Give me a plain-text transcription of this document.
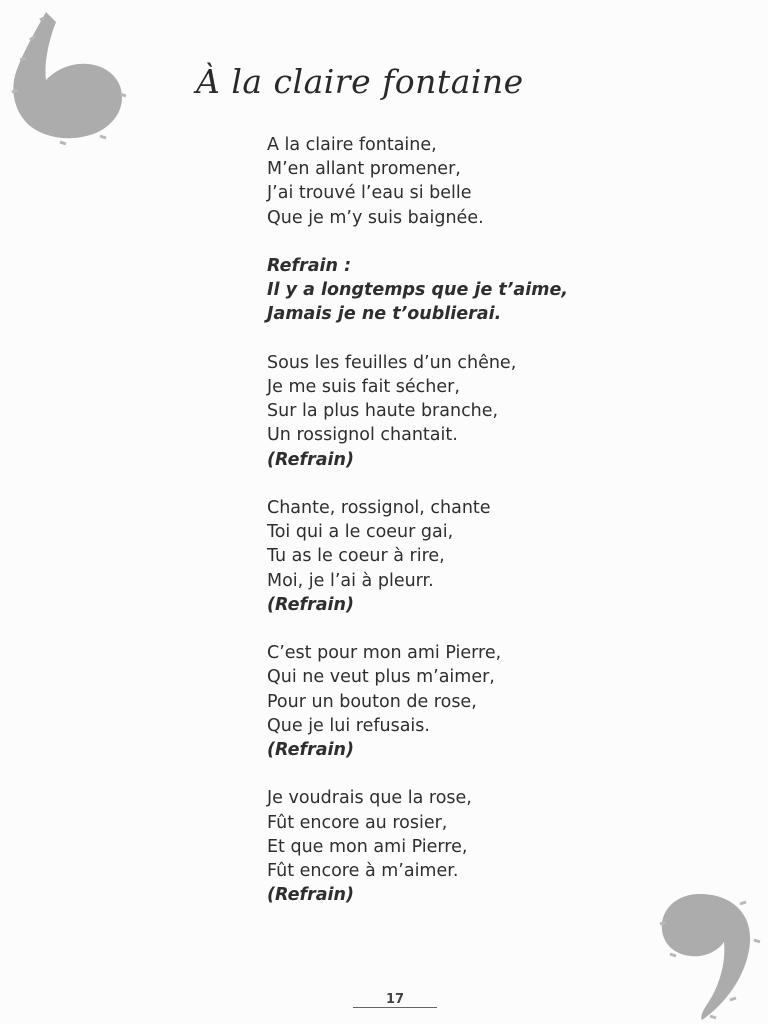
À la claire fontaine
A la claire fontaine,
M’en allant promener,
J’ai trouvé l’eau si belle
Que je m’y suis baignée.
Refrain :
Il y a longtemps que je t’aime,
Jamais je ne t’oublierai.
Sous les feuilles d’un chêne,
Je me suis fait sécher,
Sur la plus haute branche,
Un rossignol chantait.
(Refrain)
Chante, rossignol, chante
Toi qui a le coeur gai,
Tu as le coeur à rire,
Moi, je l’ai à pleurr.
(Refrain)
C’est pour mon ami Pierre,
Qui ne veut plus m’aimer,
Pour un bouton de rose,
Que je lui refusais.
(Refrain)
Je voudrais que la rose,
Fût encore au rosier,
Et que mon ami Pierre,
Fût encore à m’aimer.
(Refrain)
17
